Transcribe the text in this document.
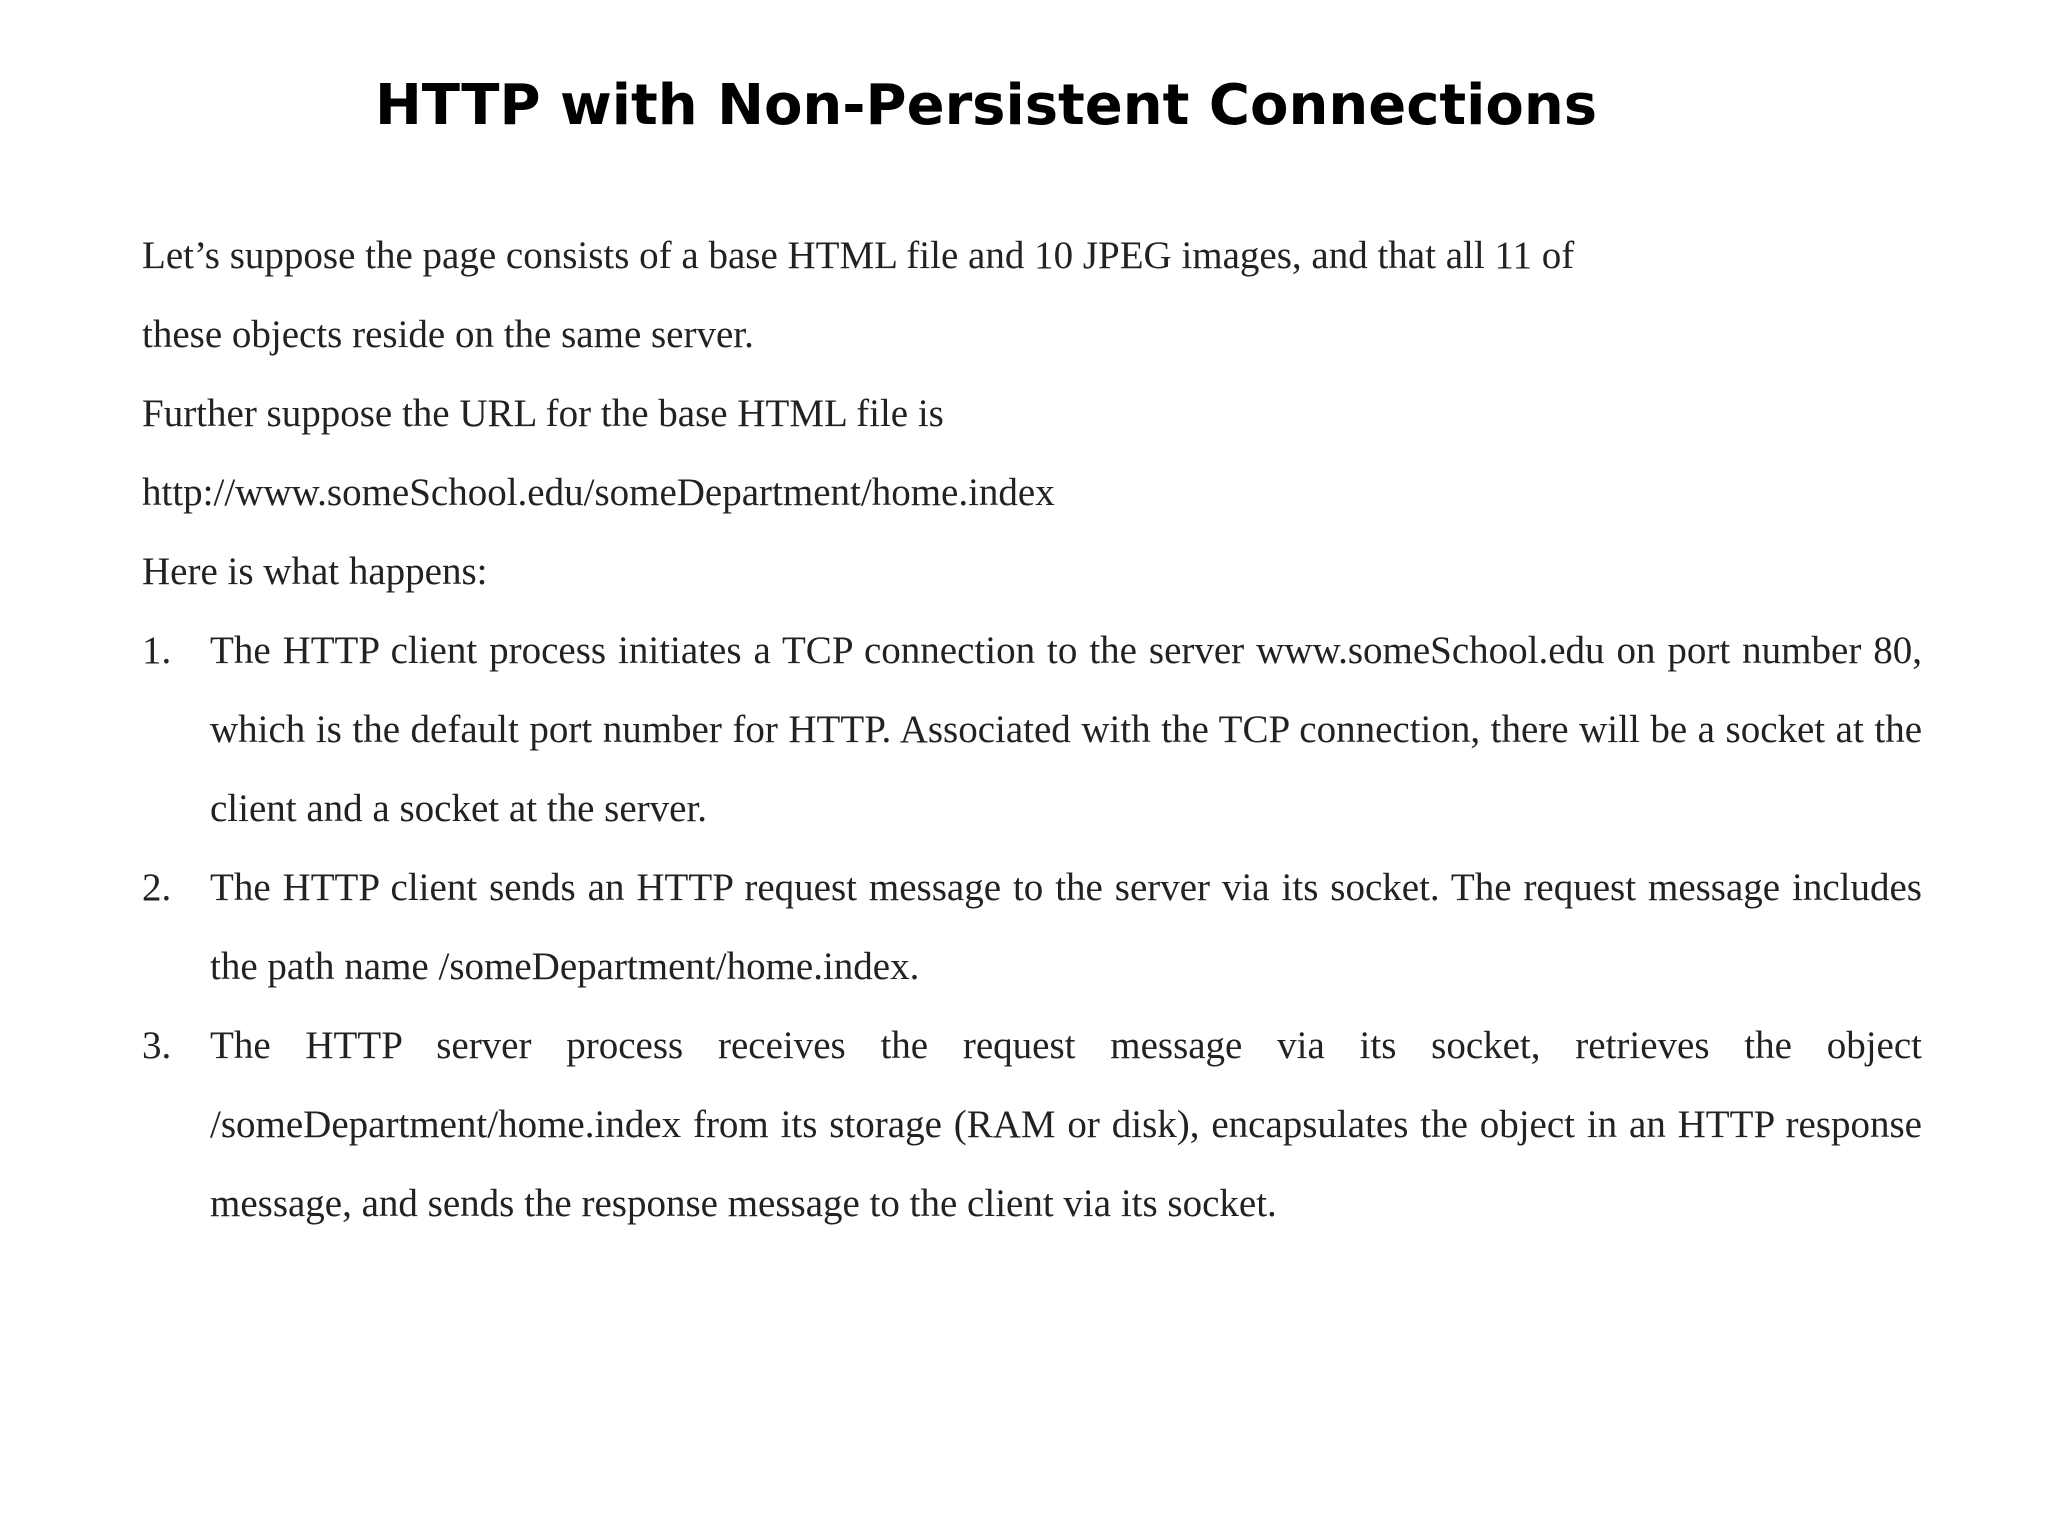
HTTP with Non-Persistent Connections

Let’s suppose the page consists of a base HTML file and 10 JPEG images, and that all 11 of

these objects reside on the same server.

Further suppose the URL for the base HTML file is

http://www.someSchool.edu/someDepartment/home.index

Here is what happens:

1. The HTTP client process initiates a TCP connection to the server www.someSchool.edu on port number 80, which is the default port number for HTTP. Associated with the TCP connection, there will be a socket at the client and a socket at the server.
2. The HTTP client sends an HTTP request message to the server via its socket. The request message includes the path name /someDepartment/home.index.
3. The HTTP server process receives the request message via its socket, retrieves the object /someDepartment/home.index from its storage (RAM or disk), encapsulates the object in an HTTP response message, and sends the response message to the client via its socket.
